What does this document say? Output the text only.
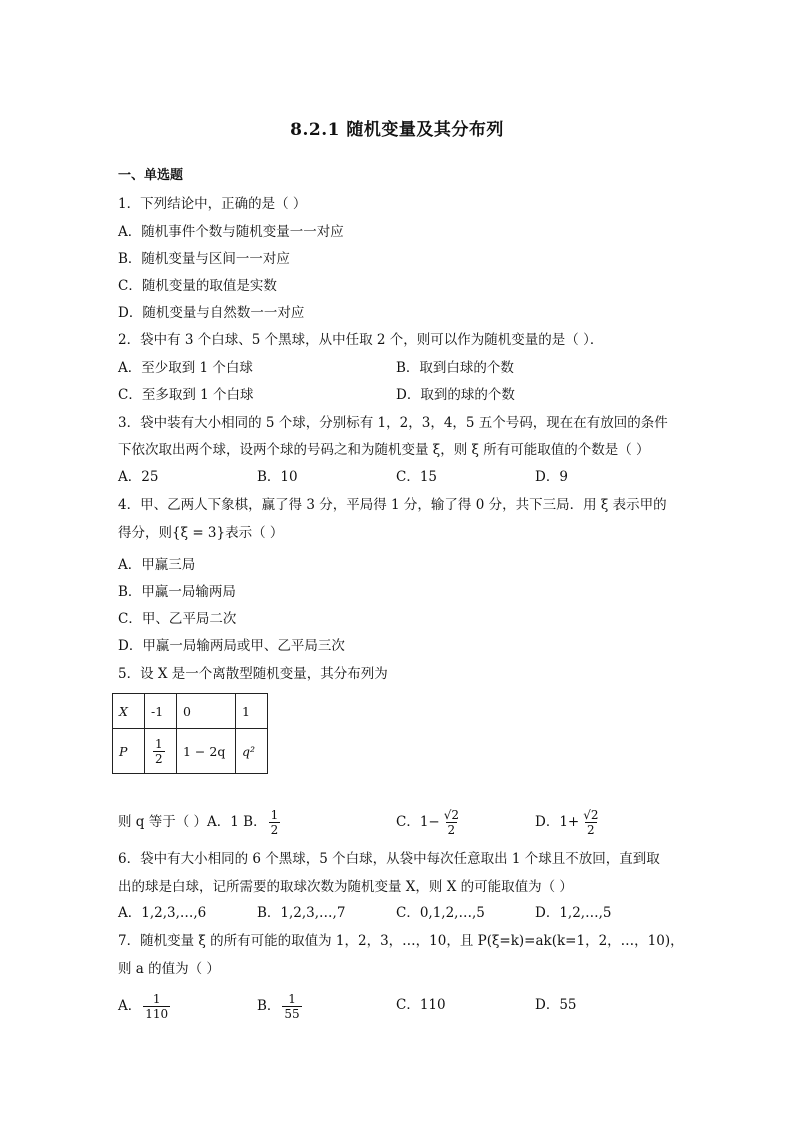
8.2.1 随机变量及其分布列
一、单选题
1．下列结论中，正确的是（ ）
A．随机事件个数与随机变量一一对应
B．随机变量与区间一一对应
C．随机变量的取值是实数
D．随机变量与自然数一一对应
2．袋中有 3 个白球、5 个黑球，从中任取 2 个，则可以作为随机变量的是（ ）．
A．至少取到 1 个白球	B．取到白球的个数
C．至多取到 1 个白球	D．取到的球的个数
3．袋中装有大小相同的 5 个球，分别标有 1，2，3，4，5 五个号码，现在在有放回的条件
下依次取出两个球，设两个球的号码之和为随机变量 ξ，则 ξ 所有可能取值的个数是（ ）
A．25	B．10	C．15	D．9
4．甲、乙两人下象棋，赢了得 3 分，平局得 1 分，输了得 0 分，共下三局．用 ξ 表示甲的
得分，则{ξ = 3}表示（ ）
A．甲赢三局
B．甲赢一局输两局
C．甲、乙平局二次
D．甲赢一局输两局或甲、乙平局三次
5．设 X 是一个离散型随机变量，其分布列为
X	-1	0	1
P	$\frac{1}{2}$	1 − 2q	q²
则 q 等于（ ）A．1 B． $\frac{1}{2}$	C．$1- \frac{√2}{2}$	D．$1+ \frac{√2}{2}$
6．袋中有大小相同的 6 个黑球，5 个白球，从袋中每次任意取出 1 个球且不放回，直到取
出的球是白球，记所需要的取球次数为随机变量 X，则 X 的可能取值为（ ）
A．1,2,3,…,6	B．1,2,3,…,7	C．0,1,2,…,5	D．1,2,…,5
7．随机变量 ξ 的所有可能的取值为 1，2，3，…，10，且 P(ξ=k)=ak(k=1，2，…，10)，
则 a 的值为（ ）
A． $\frac{1}{110}$	B． $\frac{1}{55}$	C．110	D．55
